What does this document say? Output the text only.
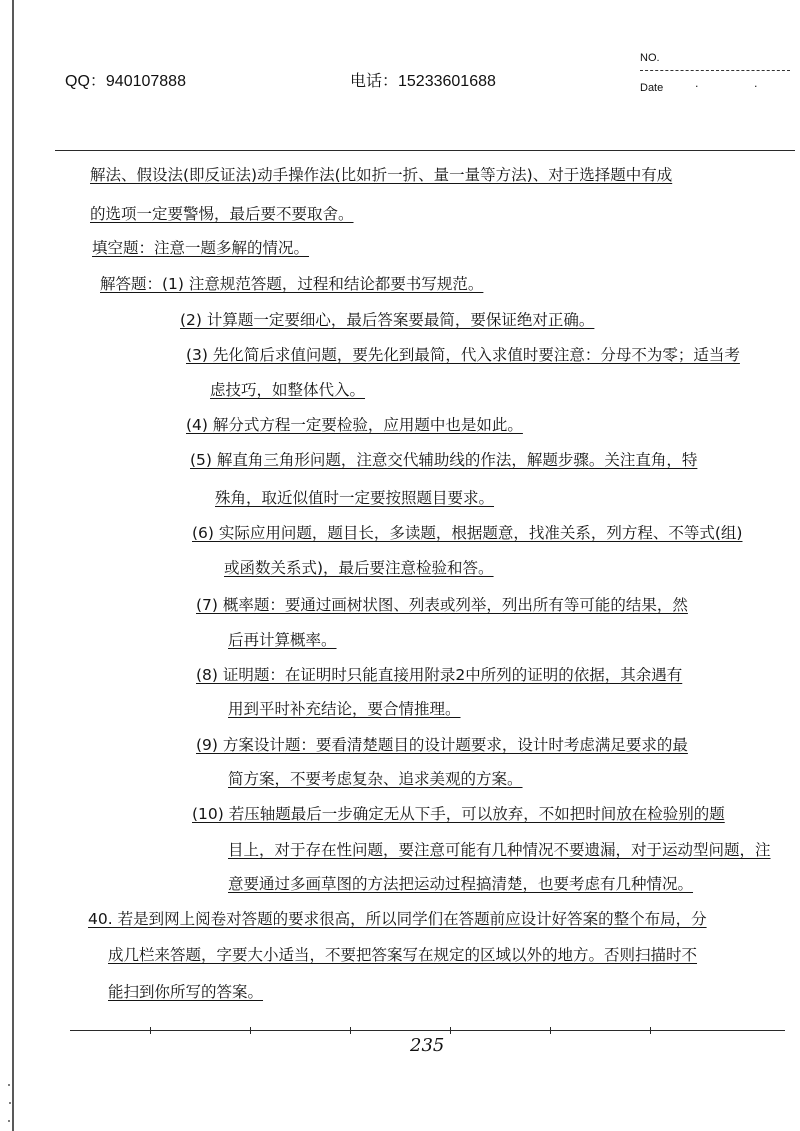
QQ：940107888	电话：15233601688
NO.
Date	· ·
解法、假设法(即反证法)动手操作法(比如折一折、量一量等方法)、对于选择题中有成
的选项一定要警惕，最后要不要取舍。
填空题：注意一题多解的情况。
解答题：(1) 注意规范答题，过程和结论都要书写规范。
(2) 计算题一定要细心，最后答案要最简，要保证绝对正确。
(3) 先化简后求值问题，要先化到最简，代入求值时要注意：分母不为零；适当考
虑技巧，如整体代入。
(4) 解分式方程一定要检验，应用题中也是如此。
(5) 解直角三角形问题，注意交代辅助线的作法，解题步骤。关注直角，特
殊角，取近似值时一定要按照题目要求。
(6) 实际应用问题，题目长，多读题，根据题意，找准关系，列方程、不等式(组)
或函数关系式)，最后要注意检验和答。
(7) 概率题：要通过画树状图、列表或列举，列出所有等可能的结果，然
后再计算概率。
(8) 证明题：在证明时只能直接用附录2中所列的证明的依据，其余遇有
用到平时补充结论，要合情推理。
(9) 方案设计题：要看清楚题目的设计题要求，设计时考虑满足要求的最
简方案，不要考虑复杂、追求美观的方案。
(10) 若压轴题最后一步确定无从下手，可以放弃，不如把时间放在检验别的题
目上，对于存在性问题，要注意可能有几种情况不要遗漏，对于运动型问题，注
意要通过多画草图的方法把运动过程搞清楚，也要考虑有几种情况。
40. 若是到网上阅卷对答题的要求很高，所以同学们在答题前应设计好答案的整个布局，分
成几栏来答题，字要大小适当，不要把答案写在规定的区域以外的地方。否则扫描时不
能扫到你所写的答案。
235
